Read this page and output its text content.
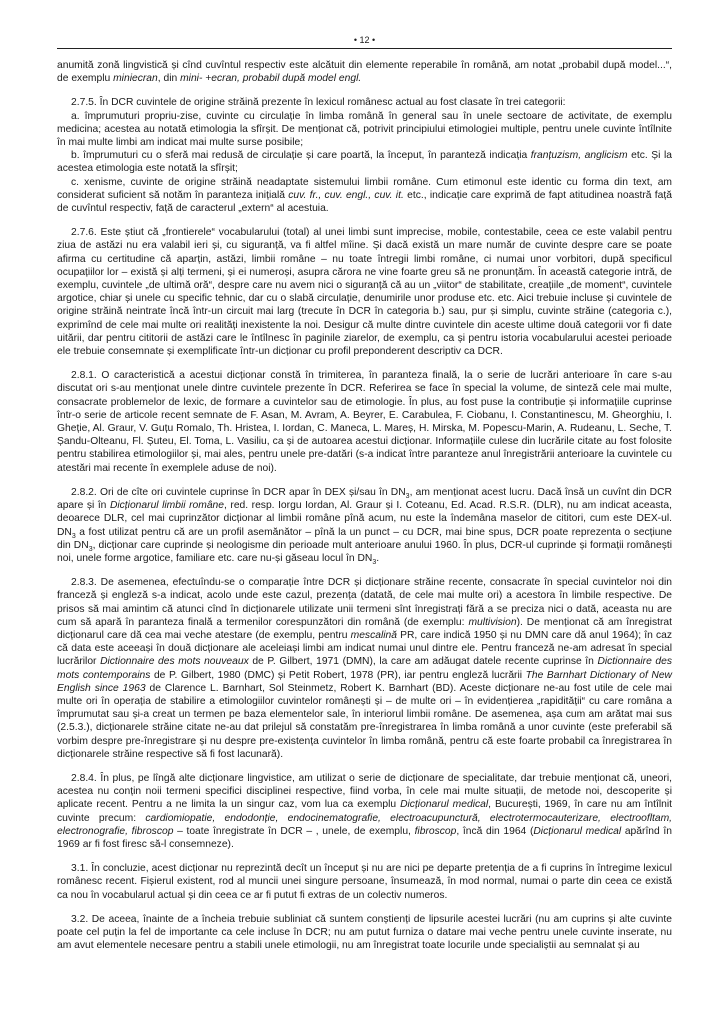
• 12 •
anumită zonă lingvistică și cînd cuvîntul respectiv este alcătuit din elemente reperabile în română, am notat „probabil după model...“, de exemplu miniecran, din mini- +ecran, probabil după model engl.
2.7.5. În DCR cuvintele de origine străină prezente în lexicul românesc actual au fost clasate în trei categorii:
a. împrumuturi propriu-zise, cuvinte cu circulație în limba română în general sau în unele sectoare de activitate, de exemplu medicina; acestea au notată etimologia la sfîrșit. De menționat că, potrivit principiului etimologiei multiple, pentru unele cuvinte întîlnite în mai multe limbi am indicat mai multe surse posibile;
b. împrumuturi cu o sferă mai redusă de circulație și care poartă, la început, în paranteză indicația franțuzism, anglicism etc. Și la acestea etimologia este notată la sfîrșit;
c. xenisme, cuvinte de origine străină neadaptate sistemului limbii române. Cum etimonul este identic cu forma din text, am considerat suficient să notăm în paranteza inițială cuv. fr., cuv. engl., cuv. it. etc., indicație care exprimă de fapt atitudinea noastră față de cuvîntul respectiv, față de caracterul „extern“ al acestuia.
2.7.6. Este știut că „frontierele“ vocabularului (total) al unei limbi sunt imprecise, mobile, contestabile, ceea ce este valabil pentru ziua de astăzi nu era valabil ieri și, cu siguranță, va fi altfel mîine. Și dacă există un mare număr de cuvinte despre care se poate afirma cu certitudine că aparțin, astăzi, limbii române – nu toate întregii limbi române, ci numai unor vorbitori, după specificul ocupațiilor lor – există și alți termeni, și ei numeroși, asupra cărora ne vine foarte greu să ne pronunțăm. În această categorie intră, de exemplu, cuvintele „de ultimă oră“, despre care nu avem nici o siguranță că au un „viitor“ de stabilitate, creațiile „de moment“, cuvintele argotice, chiar și unele cu specific tehnic, dar cu o slabă circulație, denumirile unor produse etc. etc. Aici trebuie incluse și cuvintele de origine străină neintrate încă într-un circuit mai larg (trecute în DCR în categoria b.) sau, pur și simplu, cuvinte străine (categoria c.), exprimînd de cele mai multe ori realități inexistente la noi. Desigur că multe dintre cuvintele din aceste ultime două categorii vor fi date uitării, dar pentru cititorii de astăzi care le întîlnesc în paginile ziarelor, de exemplu, ca și pentru istoria vocabularului acestei perioade ele trebuie consemnate și exemplificate într-un dicționar cu profil preponderent descriptiv ca DCR.
2.8.1. O caracteristică a acestui dicționar constă în trimiterea, în paranteza finală, la o serie de lucrări anterioare în care s-au discutat ori s-au menționat unele dintre cuvintele prezente în DCR. Referirea se face în special la volume, de sinteză cele mai multe, consacrate problemelor de lexic, de formare a cuvintelor sau de etimologie. În plus, au fost puse la contribuție și informațiile cuprinse într-o serie de articole recent semnate de F. Asan, M. Avram, A. Beyrer, E. Carabulea, F. Ciobanu, I. Constantinescu, M. Gheorghiu, I. Gheție, Al. Graur, V. Guțu Romalo, Th. Hristea, I. Iordan, C. Maneca, L. Mareș, H. Mirska, M. Popescu-Marin, A. Rudeanu, L. Seche, T. Șandu-Olteanu, Fl. Șuteu, El. Toma, L. Vasiliu, ca și de autoarea acestui dicționar. Informațiile culese din lucrările citate au fost folosite pentru stabilirea etimologiilor și, mai ales, pentru unele pre-datări (s-a indicat între paranteze anul înregistrării anterioare la cuvintele cu atestări mai recente în exemplele aduse de noi).
2.8.2. Ori de cîte ori cuvintele cuprinse în DCR apar în DEX și/sau în $DN_3$, am menționat acest lucru. Dacă însă un cuvînt din DCR apare și în Dicționarul limbii române, red. resp. Iorgu Iordan, Al. Graur și I. Coteanu, Ed. Acad. R.S.R. (DLR), nu am indicat aceasta, deoarece DLR, cel mai cuprinzător dicționar al limbii române pînă acum, nu este la îndemâna maselor de cititori, cum este DEX-ul. $DN_3$ a fost utilizat pentru că are un profil asemănător – pînă la un punct – cu DCR, mai bine spus, DCR poate reprezenta o secțiune din $DN_3$, dicționar care cuprinde și neologisme din perioade mult anterioare anului 1960. În plus, DCR-ul cuprinde și formații românești noi, unele forme argotice, familiare etc. care nu-și găseau locul în $DN_3$.
2.8.3. De asemenea, efectuîndu-se o comparație între DCR și dicționare străine recente, consacrate în special cuvintelor noi din franceză și engleză s-a indicat, acolo unde este cazul, prezența (datată, de cele mai multe ori) a acestora în limbile respective. De prisos să mai amintim că atunci cînd în dicționarele utilizate unii termeni sînt înregistrați fără a se preciza nici o dată, aceasta nu are cum să apară în paranteza finală a termenilor corespunzători din română (de exemplu: multivision). De menționat că am înregistrat dicționarul care dă cea mai veche atestare (de exemplu, pentru mescalină PR, care indică 1950 și nu DMN care dă anul 1964); în caz că data este aceeași în două dicționare ale aceleiași limbi am indicat numai unul dintre ele. Pentru franceză ne-am adresat în special lucrărilor Dictionnaire des mots nouveaux de P. Gilbert, 1971 (DMN), la care am adăugat datele recente cuprinse în Dictionnaire des mots contemporains de P. Gilbert, 1980 (DMC) și Petit Robert, 1978 (PR), iar pentru engleză lucrării The Barnhart Dictionary of New English since 1963 de Clarence L. Barnhart, Sol Steinmetz, Robert K. Barnhart (BD). Aceste dicționare ne-au fost utile de cele mai multe ori în operația de stabilire a etimologiilor cuvintelor românești și – de multe ori – în evidențierea „rapidității“ cu care româna a împrumutat sau și-a creat un termen pe baza elementelor sale, în interiorul limbii române. De asemenea, așa cum am arătat mai sus (2.5.3.), dicționarele străine citate ne-au dat prilejul să constatăm pre-înregistrarea în limba română a unor cuvinte (este preferabil să vorbim despre pre-înregistrare și nu despre pre-existența cuvintelor în limba română, pentru că este foarte probabil ca înregistrarea în dicționarele străine respective să fi fost lacunară).
2.8.4. În plus, pe lîngă alte dicționare lingvistice, am utilizat o serie de dicționare de specialitate, dar trebuie menționat că, uneori, acestea nu conțin noii termeni specifici disciplinei respective, fiind vorba, în cele mai multe situații, de metode noi, descoperite și aplicate recent. Pentru a ne limita la un singur caz, vom lua ca exemplu Dicționarul medical, București, 1969, în care nu am întîlnit cuvinte precum: cardiomiopatie, endodonție, endocinematografie, electroacupunctură, electrotermocauterizare, electroofltam, electronografie, fibroscop – toate înregistrate în DCR – , unele, de exemplu, fibroscop, încă din 1964 (Dicționarul medical apărînd în 1969 ar fi fost firesc să-l consemneze).
3.1. În concluzie, acest dicționar nu reprezintă decît un început și nu are nici pe departe pretenția de a fi cuprins în întregime lexicul românesc recent. Fișierul existent, rod al muncii unei singure persoane, însumează, în mod normal, numai o parte din ceea ce există ca nou în vocabularul actual și din ceea ce ar fi putut fi extras de un colectiv numeros.
3.2. De aceea, înainte de a încheia trebuie subliniat că suntem conștienți de lipsurile acestei lucrări (nu am cuprins și alte cuvinte poate cel puțin la fel de importante ca cele incluse în DCR; nu am putut furniza o datare mai veche pentru unele cuvinte inserate, nu am avut elementele necesare pentru a stabili unele etimologii, nu am înregistrat toate locurile unde specialiștii au semnalat și au
